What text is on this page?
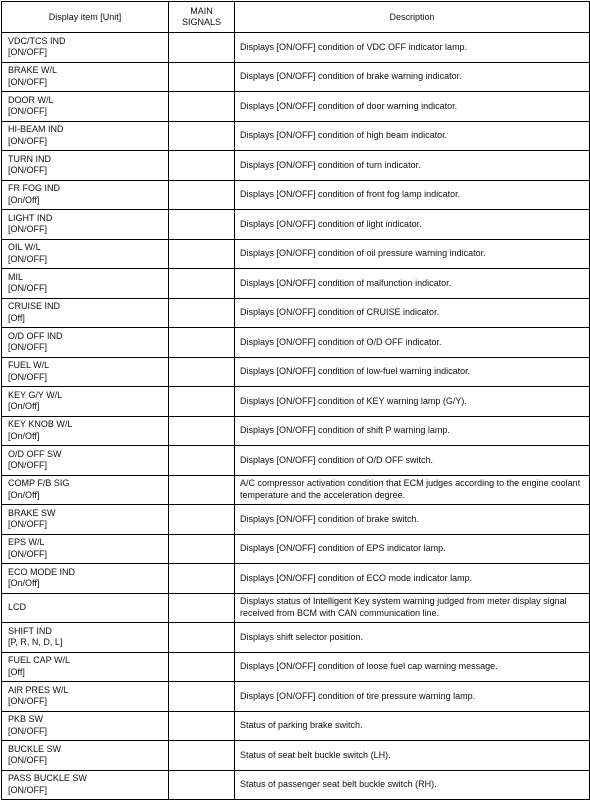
Display item [Unit]	MAIN SIGNALS	Description

VDC/TCS IND
[ON/OFF]		Displays [ON/OFF] condition of VDC OFF indicator lamp.

BRAKE W/L
[ON/OFF]		Displays [ON/OFF] condition of brake warning indicator.

DOOR W/L
[ON/OFF]		Displays [ON/OFF] condition of door warning indicator.

HI-BEAM IND
[ON/OFF]		Displays [ON/OFF] condition of high beam indicator.

TURN IND
[ON/OFF]		Displays [ON/OFF] condition of turn indicator.

FR FOG IND
[On/Off]		Displays [ON/OFF] condition of front fog lamp indicator.

LIGHT IND
[ON/OFF]		Displays [ON/OFF] condition of light indicator.

OIL W/L
[ON/OFF]		Displays [ON/OFF] condition of oil pressure warning indicator.

MIL
[ON/OFF]		Displays [ON/OFF] condition of malfunction indicator.

CRUISE IND
[Off]		Displays [ON/OFF] condition of CRUISE indicator.

O/D OFF IND
[ON/OFF]		Displays [ON/OFF] condition of O/D OFF indicator.

FUEL W/L
[ON/OFF]		Displays [ON/OFF] condition of low-fuel warning indicator.

KEY G/Y W/L
[On/Off]		Displays [ON/OFF] condition of KEY warning lamp (G/Y).

KEY KNOB W/L
[On/Off]		Displays [ON/OFF] condition of shift P warning lamp.

O/D OFF SW
[ON/OFF]		Displays [ON/OFF] condition of O/D OFF switch.

COMP F/B SIG
[On/Off]		A/C compressor activation condition that ECM judges according to the engine coolant temperature and the acceleration degree.

BRAKE SW
[ON/OFF]		Displays [ON/OFF] condition of brake switch.

EPS W/L
[ON/OFF]		Displays [ON/OFF] condition of EPS indicator lamp.

ECO MODE IND
[On/Off]		Displays [ON/OFF] condition of ECO mode indicator lamp.

LCD		Displays status of Intelligent Key system warning judged from meter display signal received from BCM with CAN communication line.

SHIFT IND
[P, R, N, D, L]		Displays shift selector position.

FUEL CAP W/L
[Off]		Displays [ON/OFF] condition of loose fuel cap warning message.

AIR PRES W/L
[ON/OFF]		Displays [ON/OFF] condition of tire pressure warning lamp.

PKB SW
[ON/OFF]		Status of parking brake switch.

BUCKLE SW
[ON/OFF]		Status of seat belt buckle switch (LH).

PASS BUCKLE SW
[ON/OFF]		Status of passenger seat belt buckle switch (RH).
